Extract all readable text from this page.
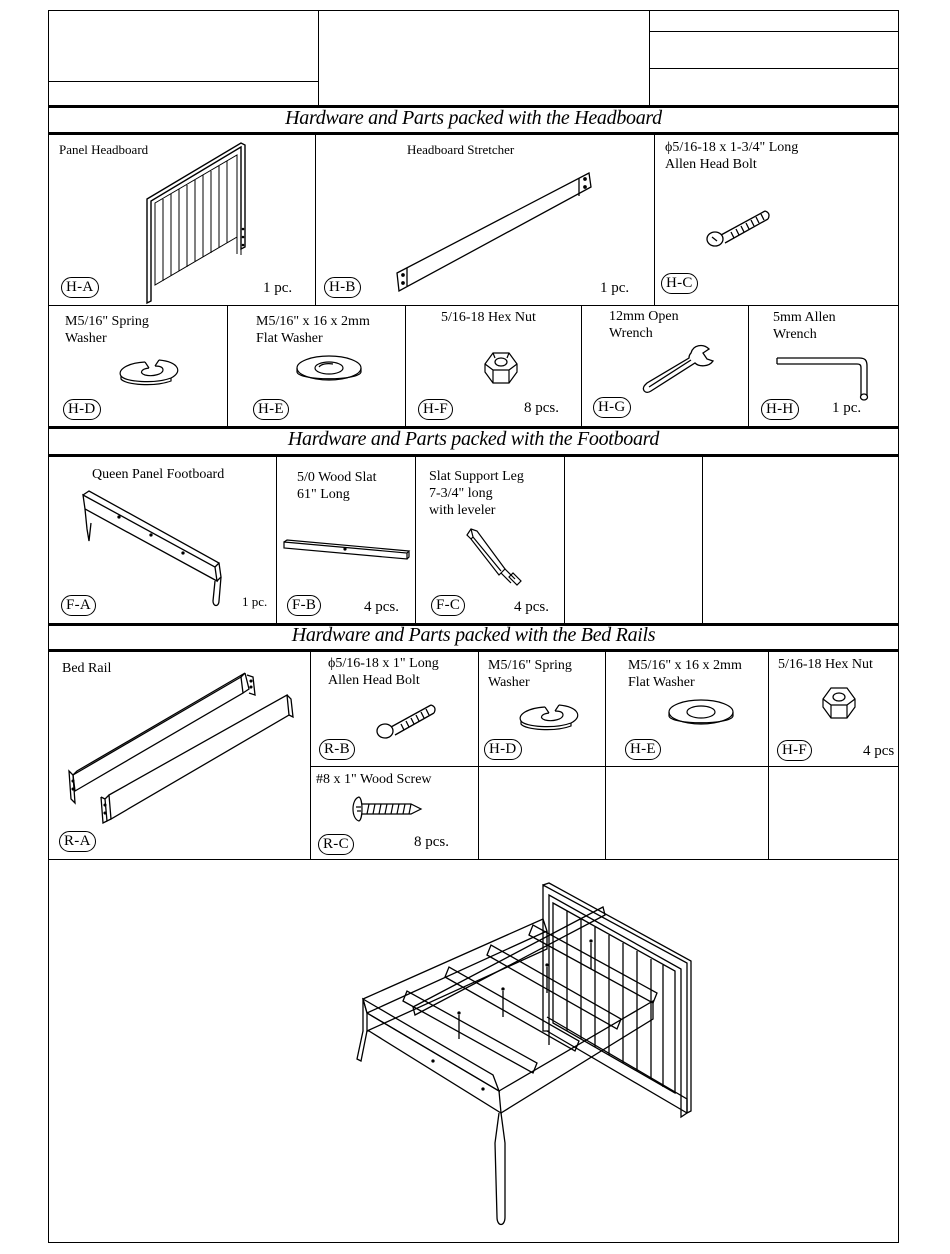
Hardware and Parts packed with the Headboard
Panel Headboard
H-A	1 pc.
Headboard Stretcher
H-B	1 pc.
ϕ5/16-18 x 1-3/4" Long
Allen Head Bolt
H-C
M5/16" Spring
Washer
H-D
M5/16" x 16 x 2mm
Flat Washer
H-E
5/16-18 Hex Nut
H-F	8 pcs.
12mm Open
Wrench
H-G
5mm Allen
Wrench
H-H	1 pc.
Hardware and Parts packed with the Footboard
Queen Panel Footboard
F-A	1 pc.
5/0 Wood Slat
61" Long
F-B	4 pcs.
Slat Support Leg
7-3/4" long
with leveler
F-C	4 pcs.
Hardware and Parts packed with the Bed Rails
Bed Rail
R-A
ϕ5/16-18 x 1" Long
Allen Head Bolt
R-B
M5/16" Spring
Washer
H-D
M5/16" x 16 x 2mm
Flat Washer
H-E
5/16-18 Hex Nut
H-F	4 pcs
#8 x 1" Wood Screw
R-C	8 pcs.
